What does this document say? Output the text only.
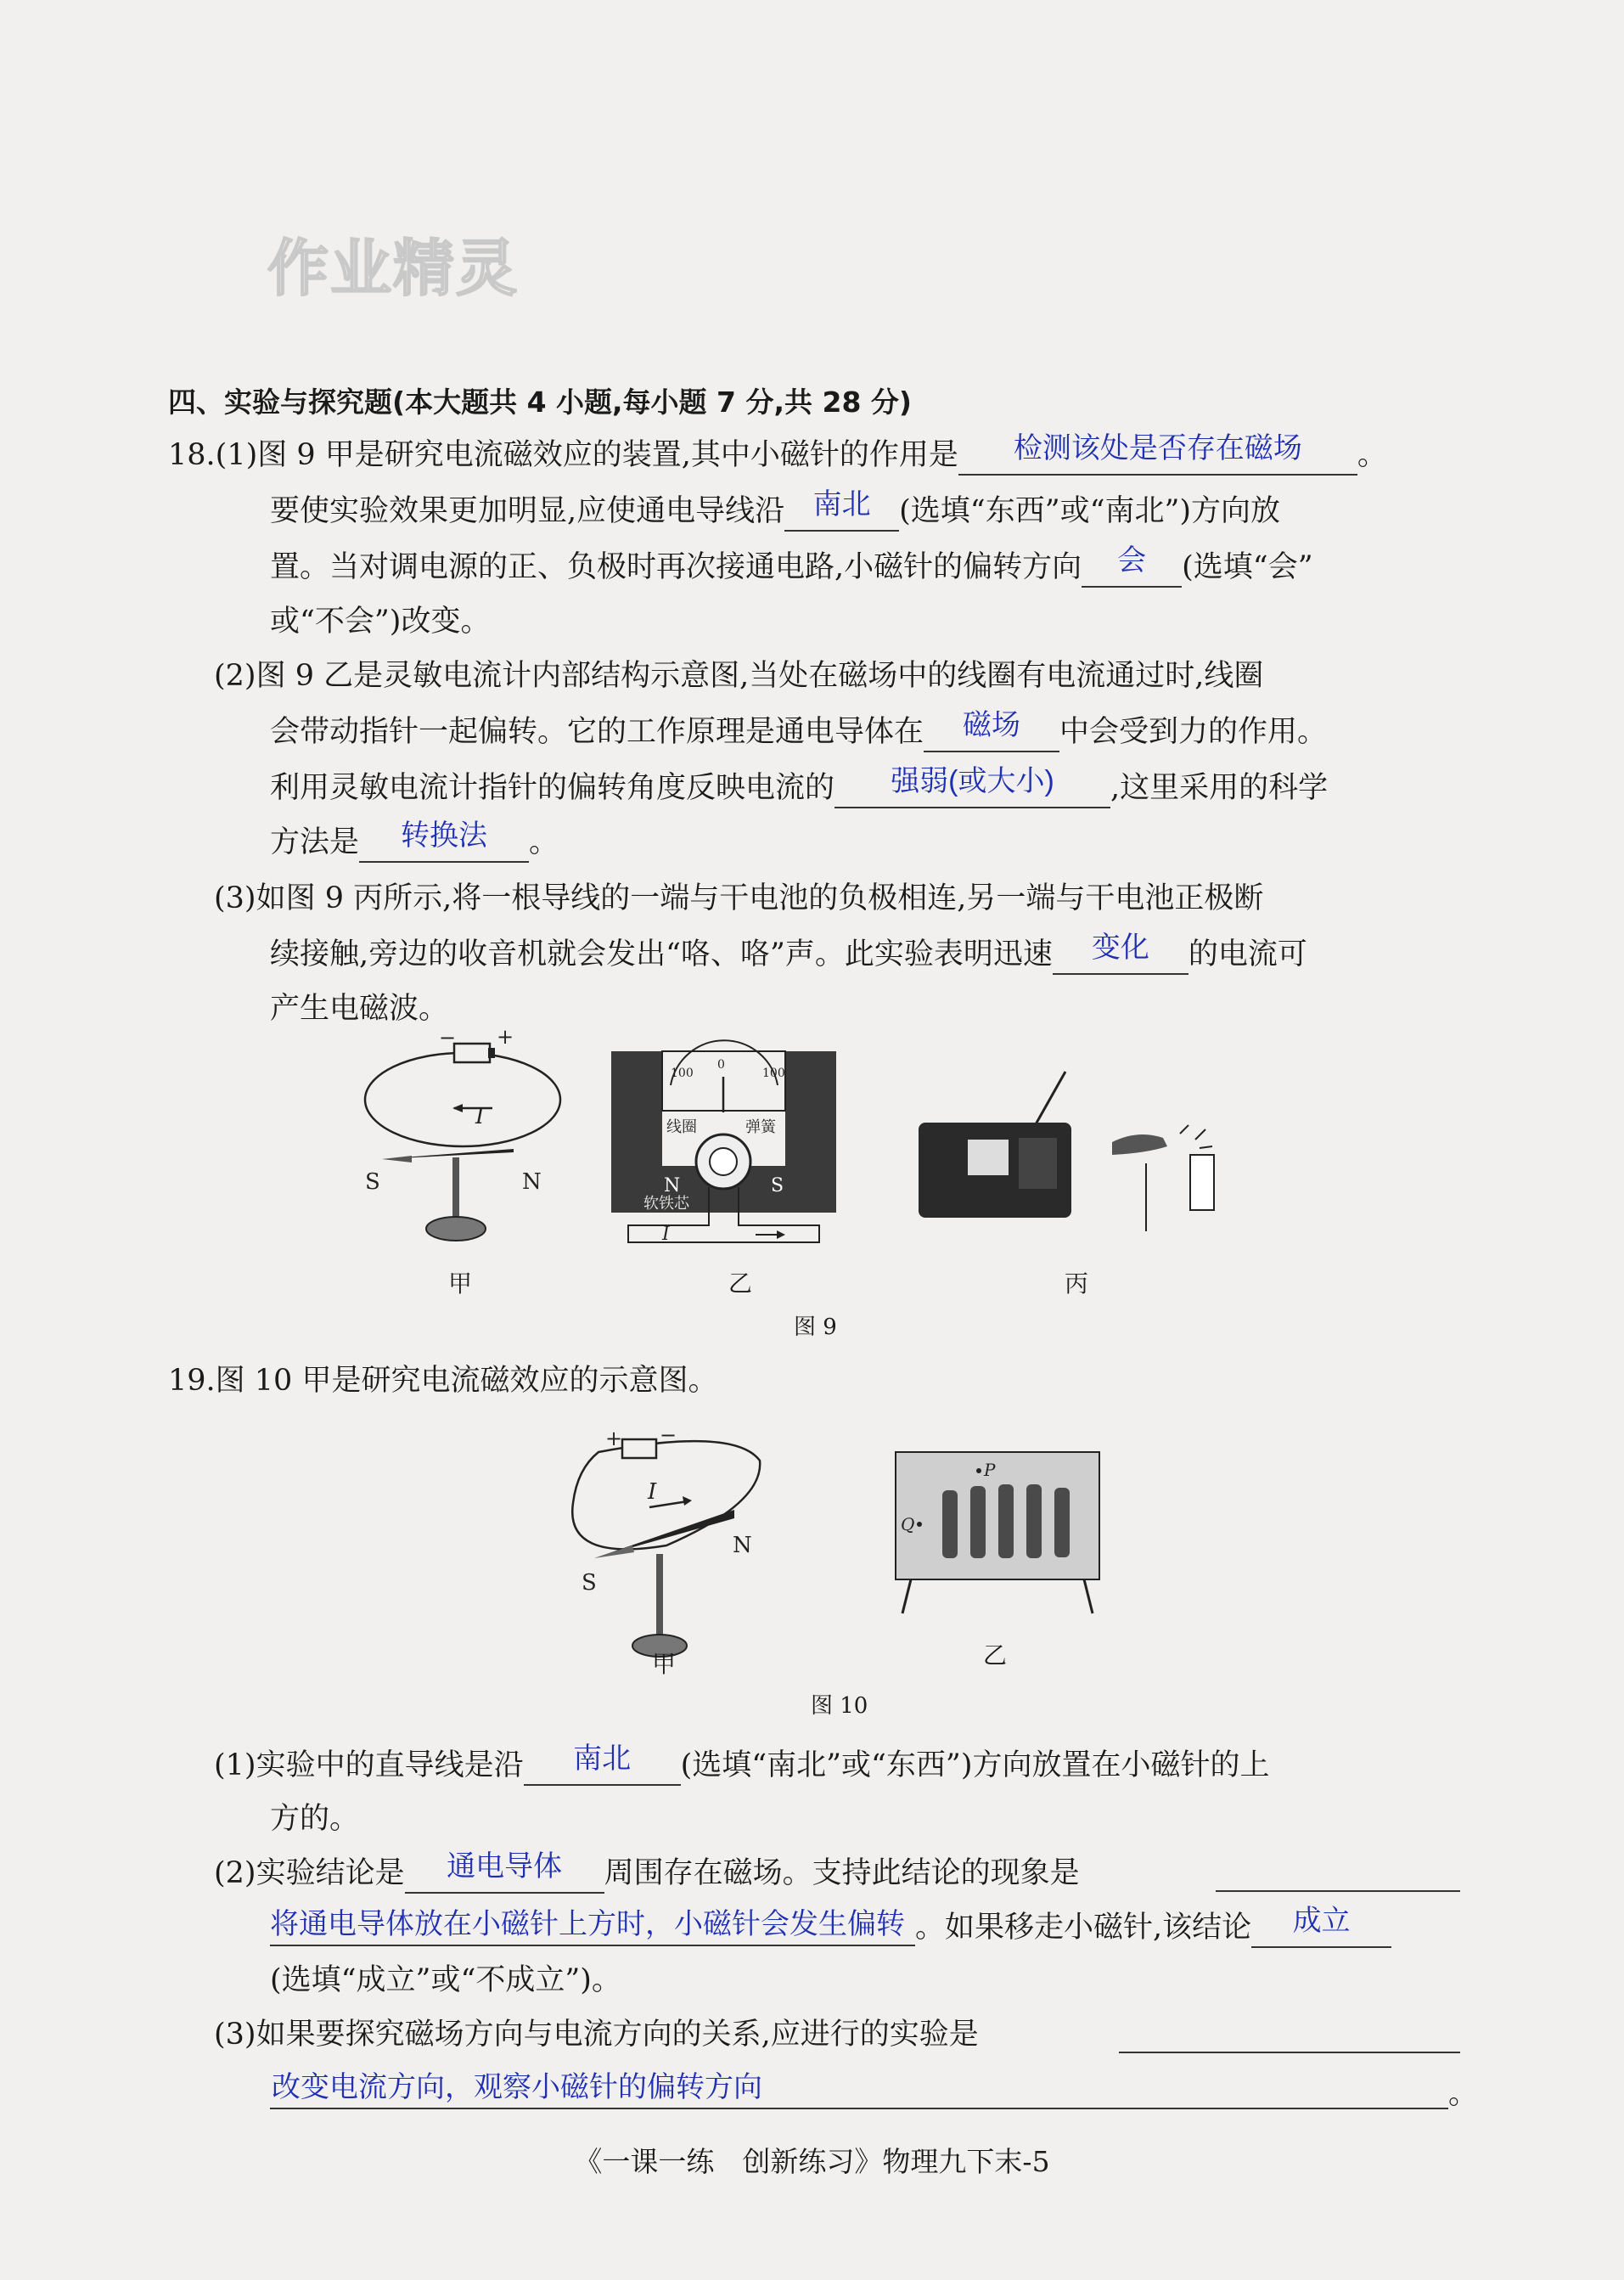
作业精灵
四、实验与探究题(本大题共 4 小题,每小题 7 分,共 28 分)
18.(1)图 9 甲是研究电流磁效应的装置,其中小磁针的作用是	检测该处是否存在磁场	。
要使实验效果更加明显,应使通电导线沿 南北 (选填“东西”或“南北”)方向放
置。当对调电源的正、负极时再次接通电路,小磁针的偏转方向	会	(选填“会”
或“不会”)改变。
(2)图 9 乙是灵敏电流计内部结构示意图,当处在磁场中的线圈有电流通过时,线圈
会带动指针一起偏转。它的工作原理是通电导体在	磁场	中会受到力的作用。
利用灵敏电流计指针的偏转角度反映电流的	强弱(或大小)	,这里采用的科学
方法是	转换法	。
(3)如图 9 丙所示,将一根导线的一端与干电池的负极相连,另一端与干电池正极断
续接触,旁边的收音机就会发出“咯、咯”声。此实验表明迅速	变化	的电流可
产生电磁波。
− +
I
S	N
100
0
100
线圈	弹簧
N	S
软铁芯
I
甲	乙	丙
图 9
19.图 10 甲是研究电流磁效应的示意图。
+ −
I
S
N
P
Q
甲	乙
图 10
(1)实验中的直导线是沿	南北	(选填“南北”或“东西”)方向放置在小磁针的上
方的。
(2)实验结论是	通电导体	周围存在磁场。支持此结论的现象是
将通电导体放在小磁针上方时，小磁针会发生偏转 。如果移走小磁针,该结论	成立
(选填“成立”或“不成立”)。
(3)如果要探究磁场方向与电流方向的关系,应进行的实验是
改变电流方向，观察小磁针的偏转方向	。
《一课一练　创新练习》物理九下末-5
